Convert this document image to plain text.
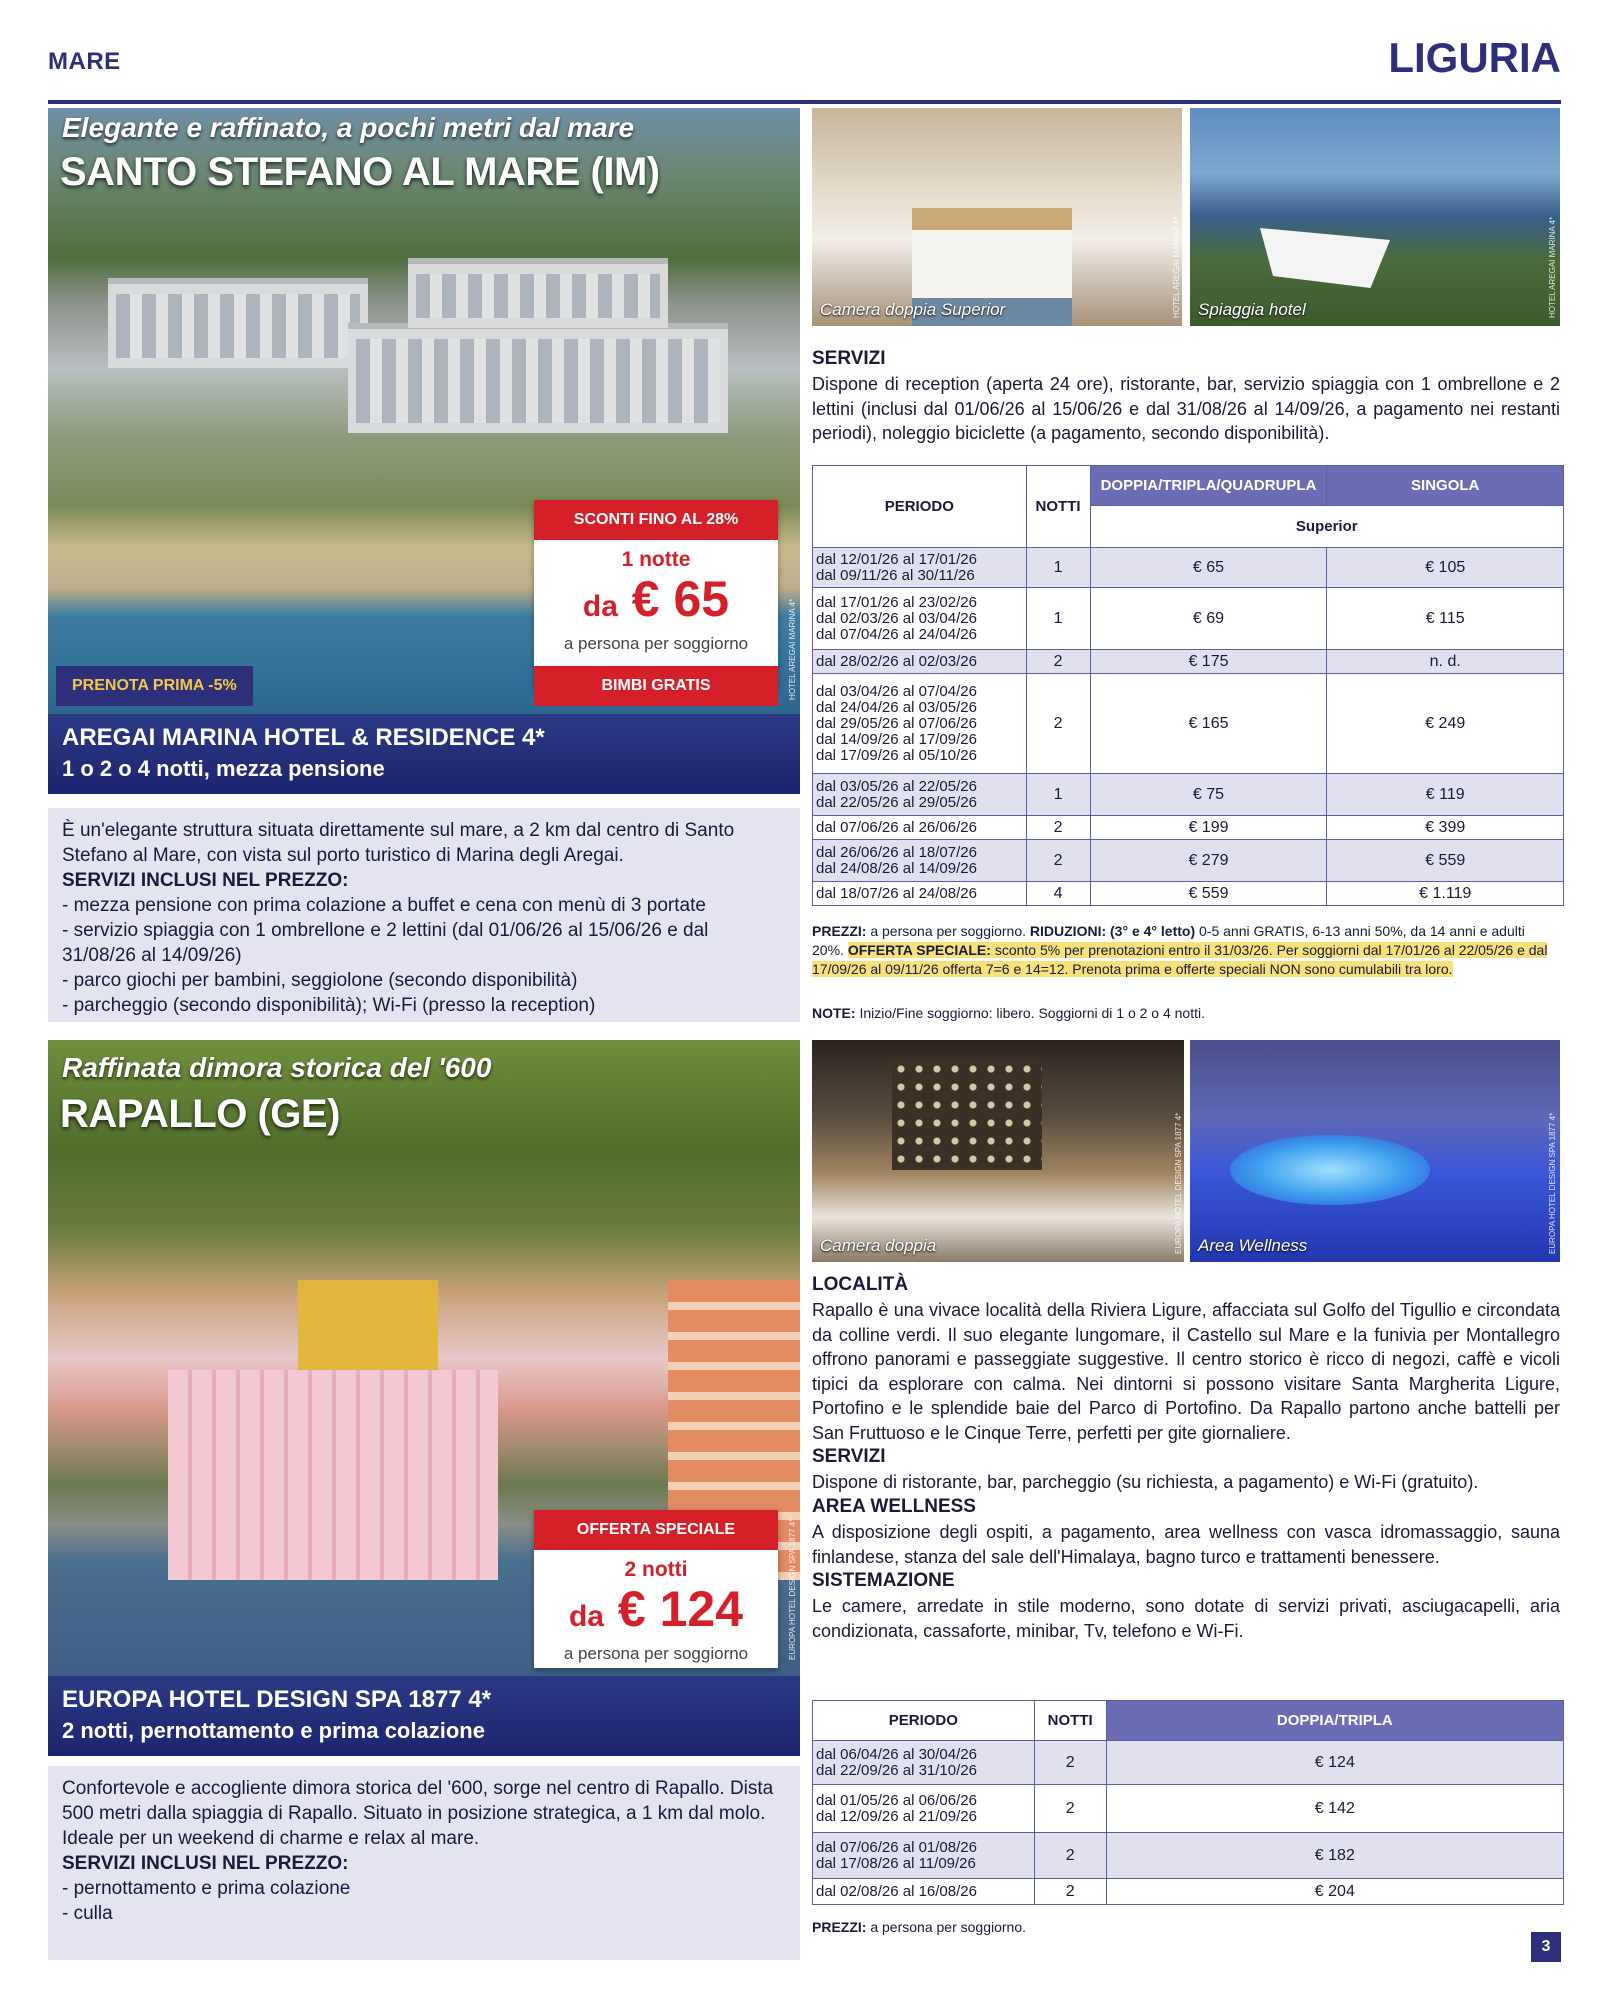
MARE	LIGURIA
Elegante e raffinato, a pochi metri dal mare
SANTO STEFANO AL MARE (IM)
SCONTI FINO AL 28%
1 notte
da € 65
a persona per soggiorno
BIMBI GRATIS
PRENOTA PRIMA -5%	HOTEL AREGAI MARINA 4*
AREGAI MARINA HOTEL & RESIDENCE 4*
1 o 2 o 4 notti, mezza pensione
È un'elegante struttura situata direttamente sul mare, a 2 km dal centro di Santo Stefano al Mare, con vista sul porto turistico di Marina degli Aregai.
SERVIZI INCLUSI NEL PREZZO:
- mezza pensione con prima colazione a buffet e cena con menù di 3 portate
- servizio spiaggia con 1 ombrellone e 2 lettini (dal 01/06/26 al 15/06/26 e dal 31/08/26 al 14/09/26)
- parco giochi per bambini, seggiolone (secondo disponibilità)
- parcheggio (secondo disponibilità); Wi-Fi (presso la reception)
Camera doppia Superior	HOTEL AREGAI MARINA 4* Spiaggia hotel	HOTEL AREGAI MARINA 4*
SERVIZI
Dispone di reception (aperta 24 ore), ristorante, bar, servizio spiaggia con 1 ombrellone e 2 lettini (inclusi dal 01/06/26 al 15/06/26 e dal 31/08/26 al 14/09/26, a pagamento nei restanti periodi), noleggio biciclette (a pagamento, secondo disponibilità).
PERIODO	NOTTI	DOPPIA/TRIPLA/QUADRUPLA	SINGOLA
		Superior	

dal 12/01/26 al 17/01/26
dal 09/11/26 al 30/11/26	1	€ 65	€ 105

dal 17/01/26 al 23/02/26
dal 02/03/26 al 03/04/26
dal 07/04/26 al 24/04/26	1	€ 69	€ 115

dal 28/02/26 al 02/03/26	2	€ 175	n. d.

dal 03/04/26 al 07/04/26
dal 24/04/26 al 03/05/26
dal 29/05/26 al 07/06/26
dal 14/09/26 al 17/09/26
dal 17/09/26 al 05/10/26	2	€ 165	€ 249

dal 03/05/26 al 22/05/26
dal 22/05/26 al 29/05/26	1	€ 75	€ 119

dal 07/06/26 al 26/06/26	2	€ 199	€ 399

dal 26/06/26 al 18/07/26
dal 24/08/26 al 14/09/26	2	€ 279	€ 559

dal 18/07/26 al 24/08/26	4	€ 559	€ 1.119
PREZZI: a persona per soggiorno. RIDUZIONI: (3° e 4° letto) 0-5 anni GRATIS, 6-13 anni 50%, da 14 anni e adulti 20%. OFFERTA SPECIALE: sconto 5% per prenotazioni entro il 31/03/26. Per soggiorni dal 17/01/26 al 22/05/26 e dal 17/09/26 al 09/11/26 offerta 7=6 e 14=12. Prenota prima e offerte speciali NON sono cumulabili tra loro.
NOTE: Inizio/Fine soggiorno: libero. Soggiorni di 1 o 2 o 4 notti.
Raffinata dimora storica del '600
RAPALLO (GE)
OFFERTA SPECIALE
2 notti
da € 124
a persona per soggiorno	EUROPA HOTEL DESIGN SPA 1877 4*
EUROPA HOTEL DESIGN SPA 1877 4*
2 notti, pernottamento e prima colazione
Confortevole e accogliente dimora storica del '600, sorge nel centro di Rapallo. Dista 500 metri dalla spiaggia di Rapallo. Situato in posizione strategica, a 1 km dal molo. Ideale per un weekend di charme e relax al mare.
SERVIZI INCLUSI NEL PREZZO:
- pernottamento e prima colazione
- culla
Camera doppia	EUROPA HOTEL DESIGN SPA 1877 4* Area Wellness	EUROPA HOTEL DESIGN SPA 1877 4*
LOCALITÀ
Rapallo è una vivace località della Riviera Ligure, affacciata sul Golfo del Tigullio e circondata da colline verdi. Il suo elegante lungomare, il Castello sul Mare e la funivia per Montallegro offrono panorami e passeggiate suggestive. Il centro storico è ricco di negozi, caffè e vicoli tipici da esplorare con calma. Nei dintorni si possono visitare Santa Margherita Ligure, Portofino e le splendide baie del Parco di Portofino. Da Rapallo partono anche battelli per San Fruttuoso e le Cinque Terre, perfetti per gite giornaliere.
SERVIZI
Dispone di ristorante, bar, parcheggio (su richiesta, a pagamento) e Wi-Fi (gratuito).
AREA WELLNESS
A disposizione degli ospiti, a pagamento, area wellness con vasca idromassaggio, sauna finlandese, stanza del sale dell'Himalaya, bagno turco e trattamenti benessere.
SISTEMAZIONE
Le camere, arredate in stile moderno, sono dotate di servizi privati, asciugacapelli, aria condizionata, cassaforte, minibar, Tv, telefono e Wi-Fi.
PERIODO	NOTTI	DOPPIA/TRIPLA

dal 06/04/26 al 30/04/26
dal 22/09/26 al 31/10/26	2	€ 124

dal 01/05/26 al 06/06/26
dal 12/09/26 al 21/09/26	2	€ 142

dal 07/06/26 al 01/08/26
dal 17/08/26 al 11/09/26	2	€ 182

dal 02/08/26 al 16/08/26	2	€ 204
PREZZI: a persona per soggiorno.
3
